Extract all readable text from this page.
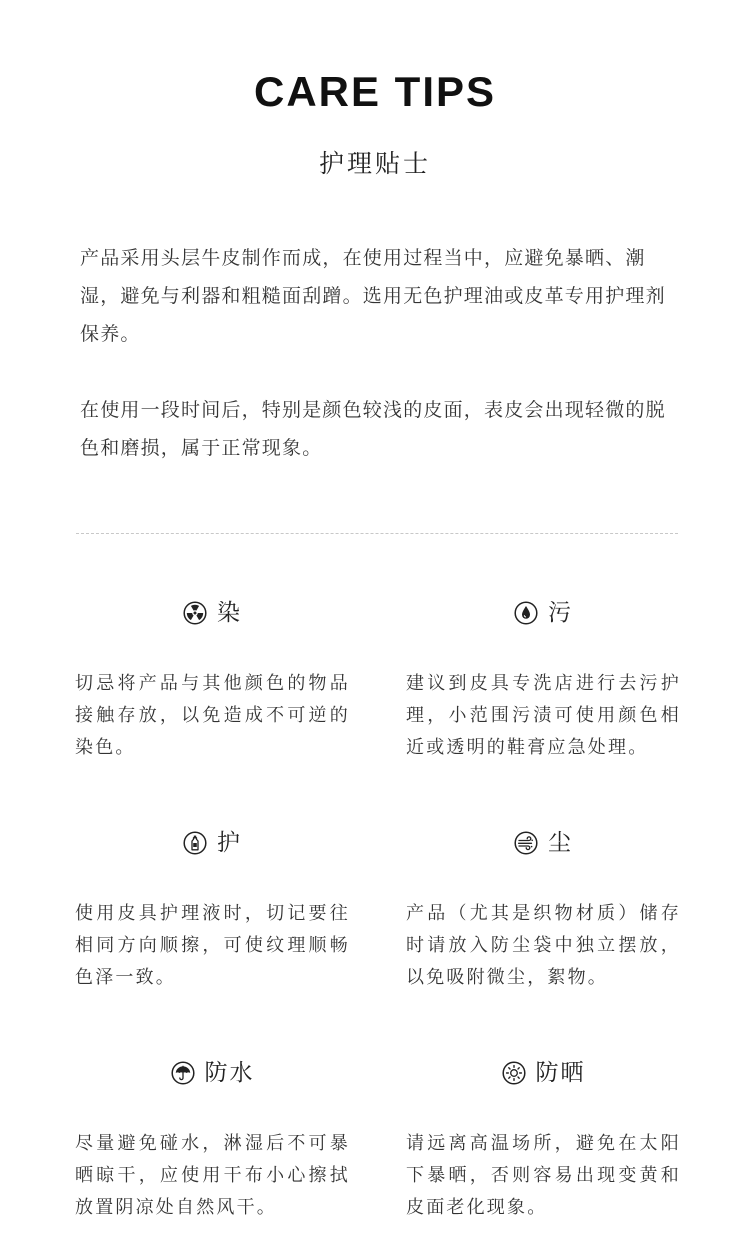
CARE TIPS
护理贴士
产品采用头层牛皮制作而成，在使用过程当中，应避免暴晒、潮湿，避免与利器和粗糙面刮蹭。选用无色护理油或皮革专用护理剂保养。
在使用一段时间后，特别是颜色较浅的皮面，表皮会出现轻微的脱色和磨损，属于正常现象。
染
切忌将产品与其他颜色的物品接触存放，以免造成不可逆的染色。
污
建议到皮具专洗店进行去污护理，小范围污渍可使用颜色相近或透明的鞋膏应急处理。
护
使用皮具护理液时，切记要往相同方向顺擦，可使纹理顺畅色泽一致。
尘
产品（尤其是织物材质）储存时请放入防尘袋中独立摆放，以免吸附微尘，絮物。
防水
尽量避免碰水，淋湿后不可暴晒晾干，应使用干布小心擦拭放置阴凉处自然风干。
防晒
请远离高温场所，避免在太阳下暴晒，否则容易出现变黄和皮面老化现象。
